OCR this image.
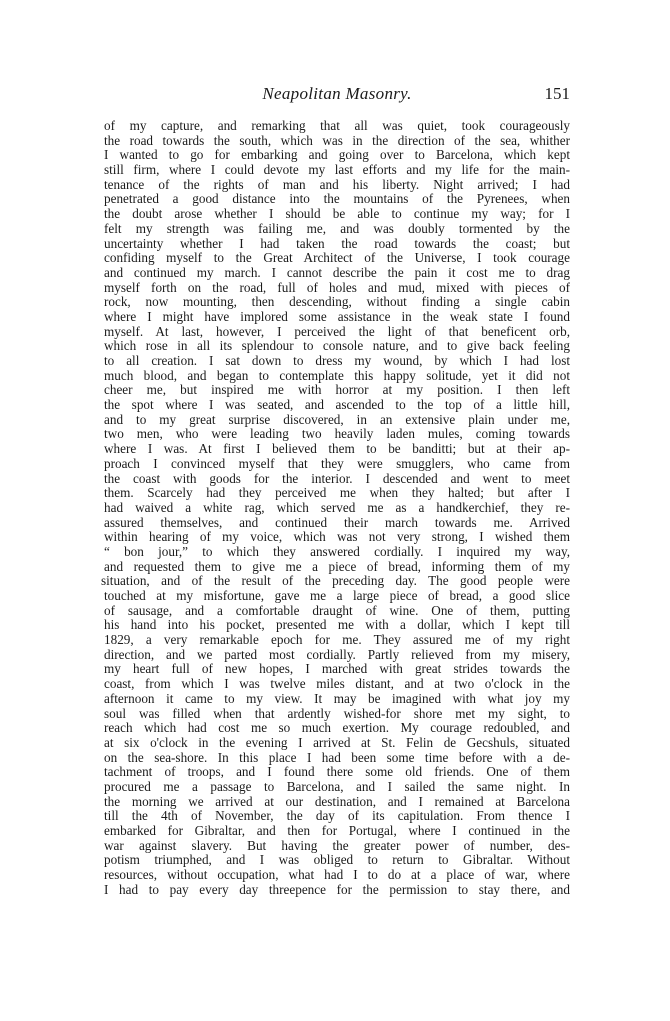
Neapolitan Masonry.	151
of my capture, and remarking that all was quiet, took courageously
the road towards the south, which was in the direction of the sea, whither
I wanted to go for embarking and going over to Barcelona, which kept
still firm, where I could devote my last efforts and my life for the main-
tenance of the rights of man and his liberty. Night arrived; I had
penetrated a good distance into the mountains of the Pyrenees, when
the doubt arose whether I should be able to continue my way; for I
felt my strength was failing me, and was doubly tormented by the
uncertainty whether I had taken the road towards the coast; but
confiding myself to the Great Architect of the Universe, I took courage
and continued my march. I cannot describe the pain it cost me to drag
myself forth on the road, full of holes and mud, mixed with pieces of
rock, now mounting, then descending, without finding a single cabin
where I might have implored some assistance in the weak state I found
myself. At last, however, I perceived the light of that beneficent orb,
which rose in all its splendour to console nature, and to give back feeling
to all creation. I sat down to dress my wound, by which I had lost
much blood, and began to contemplate this happy solitude, yet it did not
cheer me, but inspired me with horror at my position. I then left
the spot where I was seated, and ascended to the top of a little hill,
and to my great surprise discovered, in an extensive plain under me,
two men, who were leading two heavily laden mules, coming towards
where I was. At first I believed them to be banditti; but at their ap-
proach I convinced myself that they were smugglers, who came from
the coast with goods for the interior. I descended and went to meet
them. Scarcely had they perceived me when they halted; but after I
had waived a white rag, which served me as a handkerchief, they re-
assured themselves, and continued their march towards me. Arrived
within hearing of my voice, which was not very strong, I wished them
“ bon jour,” to which they answered cordially. I inquired my way,
and requested them to give me a piece of bread, informing them of my
situation, and of the result of the preceding day. The good people were
touched at my misfortune, gave me a large piece of bread, a good slice
of sausage, and a comfortable draught of wine. One of them, putting
his hand into his pocket, presented me with a dollar, which I kept till
1829, a very remarkable epoch for me. They assured me of my right
direction, and we parted most cordially. Partly relieved from my misery,
my heart full of new hopes, I marched with great strides towards the
coast, from which I was twelve miles distant, and at two o'clock in the
afternoon it came to my view. It may be imagined with what joy my
soul was filled when that ardently wished-for shore met my sight, to
reach which had cost me so much exertion. My courage redoubled, and
at six o'clock in the evening I arrived at St. Felin de Gecshuls, situated
on the sea-shore. In this place I had been some time before with a de-
tachment of troops, and I found there some old friends. One of them
procured me a passage to Barcelona, and I sailed the same night. In
the morning we arrived at our destination, and I remained at Barcelona
till the 4th of November, the day of its capitulation. From thence I
embarked for Gibraltar, and then for Portugal, where I continued in the
war against slavery. But having the greater power of number, des-
potism triumphed, and I was obliged to return to Gibraltar. Without
resources, without occupation, what had I to do at a place of war, where
I had to pay every day threepence for the permission to stay there, and
